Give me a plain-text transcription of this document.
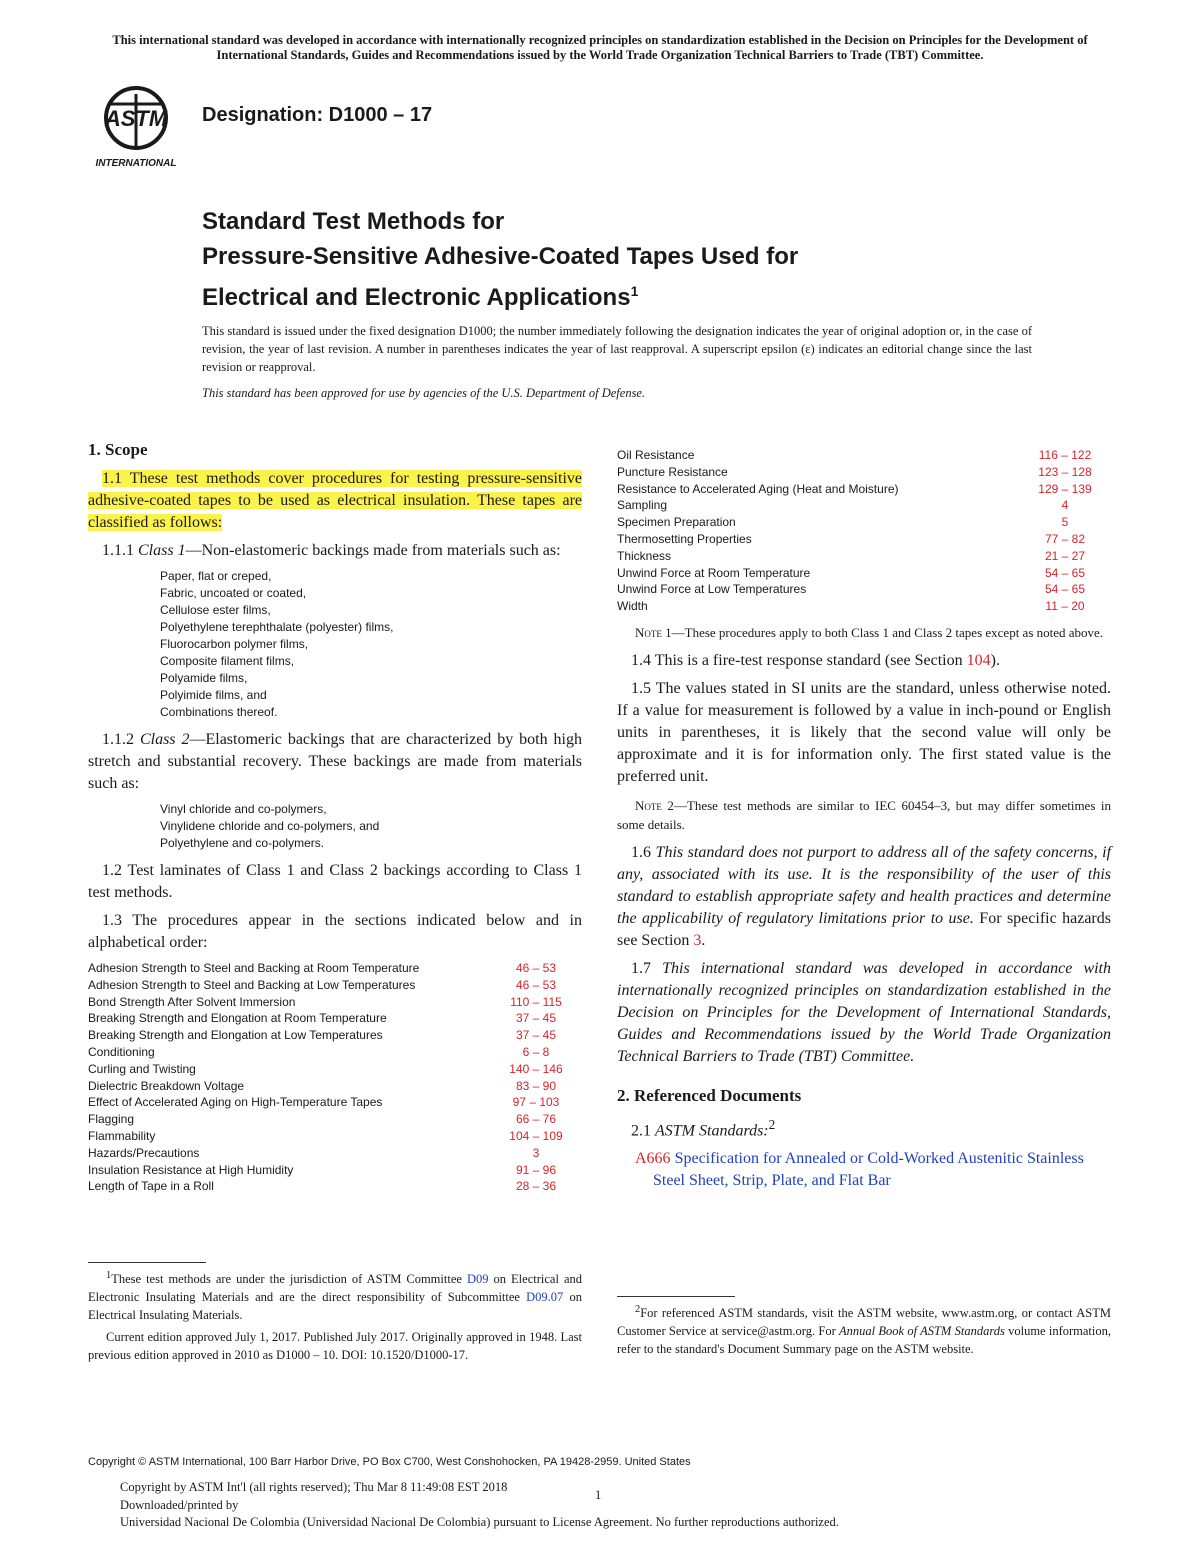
This international standard was developed in accordance with internationally recognized principles on standardization established in the Decision on Principles for the Development of International Standards, Guides and Recommendations issued by the World Trade Organization Technical Barriers to Trade (TBT) Committee.
ASTM
INTERNATIONAL
Designation: D1000 – 17
Standard Test Methods for
Pressure-Sensitive Adhesive-Coated Tapes Used for
Electrical and Electronic Applications$^1$
This standard is issued under the fixed designation D1000; the number immediately following the designation indicates the year of original adoption or, in the case of revision, the year of last revision. A number in parentheses indicates the year of last reapproval. A superscript epsilon (ε) indicates an editorial change since the last revision or reapproval.
This standard has been approved for use by agencies of the U.S. Department of Defense.
1. Scope

1.1 These test methods cover procedures for testing pressure-sensitive adhesive-coated tapes to be used as electrical insulation. These tapes are classified as follows:

1.1.1 Class 1—Non-elastomeric backings made from materials such as:

Paper, flat or creped,
Fabric, uncoated or coated,
Cellulose ester films,
Polyethylene terephthalate (polyester) films,
Fluorocarbon polymer films,
Composite filament films,
Polyamide films,
Polyimide films, and
Combinations thereof.

1.1.2 Class 2—Elastomeric backings that are characterized by both high stretch and substantial recovery. These backings are made from materials such as:

Vinyl chloride and co-polymers,
Vinylidene chloride and co-polymers, and
Polyethylene and co-polymers.

1.2 Test laminates of Class 1 and Class 2 backings according to Class 1 test methods.

1.3 The procedures appear in the sections indicated below and in alphabetical order:

Adhesion Strength to Steel and Backing at Room Temperature	46 – 53
Adhesion Strength to Steel and Backing at Low Temperatures	46 – 53
Bond Strength After Solvent Immersion	110 – 115
Breaking Strength and Elongation at Room Temperature	37 – 45
Breaking Strength and Elongation at Low Temperatures	37 – 45
Conditioning	6 – 8
Curling and Twisting	140 – 146
Dielectric Breakdown Voltage	83 – 90
Effect of Accelerated Aging on High-Temperature Tapes	97 – 103
Flagging	66 – 76
Flammability	104 – 109
Hazards/Precautions	3
Insulation Resistance at High Humidity	91 – 96
Length of Tape in a Roll	28 – 36
Oil Resistance	116 – 122
Puncture Resistance	123 – 128
Resistance to Accelerated Aging (Heat and Moisture)	129 – 139
Sampling	4
Specimen Preparation	5
Thermosetting Properties	77 – 82
Thickness	21 – 27
Unwind Force at Room Temperature	54 – 65
Unwind Force at Low Temperatures	54 – 65
Width	11 – 20

Note 1—These procedures apply to both Class 1 and Class 2 tapes except as noted above.

1.4 This is a fire-test response standard (see Section 104).

1.5 The values stated in SI units are the standard, unless otherwise noted. If a value for measurement is followed by a value in inch-pound or English units in parentheses, it is likely that the second value will only be approximate and it is for information only. The first stated value is the preferred unit.

Note 2—These test methods are similar to IEC 60454–3, but may differ sometimes in some details.

1.6 This standard does not purport to address all of the safety concerns, if any, associated with its use. It is the responsibility of the user of this standard to establish appropriate safety and health practices and determine the applicability of regulatory limitations prior to use. For specific hazards see Section 3.

1.7 This international standard was developed in accordance with internationally recognized principles on standardization established in the Decision on Principles for the Development of International Standards, Guides and Recommendations issued by the World Trade Organization Technical Barriers to Trade (TBT) Committee.

2. Referenced Documents

2.1 ASTM Standards:$^2$

A666 Specification for Annealed or Cold-Worked Austenitic Stainless Steel Sheet, Strip, Plate, and Flat Bar

$^1$These test methods are under the jurisdiction of ASTM Committee D09 on Electrical and Electronic Insulating Materials and are the direct responsibility of Subcommittee D09.07 on Electrical Insulating Materials.

Current edition approved July 1, 2017. Published July 2017. Originally approved in 1948. Last previous edition approved in 2010 as D1000 – 10. DOI: 10.1520/D1000-17.

$^2$For referenced ASTM standards, visit the ASTM website, www.astm.org, or contact ASTM Customer Service at service@astm.org. For Annual Book of ASTM Standards volume information, refer to the standard's Document Summary page on the ASTM website.

Copyright © ASTM International, 100 Barr Harbor Drive, PO Box C700, West Conshohocken, PA 19428-2959. United States
Copyright by ASTM Int'l (all rights reserved); Thu Mar 8 11:49:08 EST 2018
Downloaded/printed by
Universidad Nacional De Colombia (Universidad Nacional De Colombia) pursuant to License Agreement. No further reproductions authorized.
1
